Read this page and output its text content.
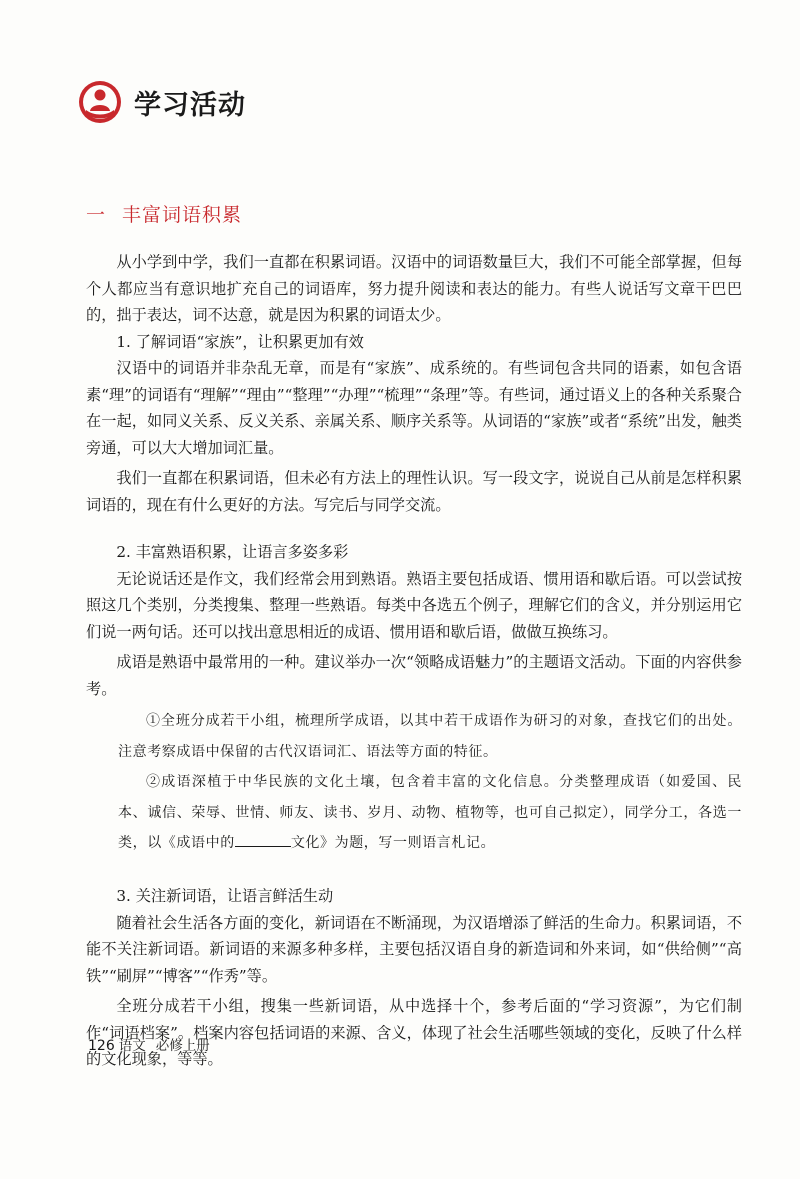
学习活动
一 丰富词语积累

从小学到中学，我们一直都在积累词语。汉语中的词语数量巨大，我们不可能全部掌握，但每个人都应当有意识地扩充自己的词语库，努力提升阅读和表达的能力。有些人说话写文章干巴巴的，拙于表达，词不达意，就是因为积累的词语太少。

1. 了解词语“家族”，让积累更加有效

汉语中的词语并非杂乱无章，而是有“家族”、成系统的。有些词包含共同的语素，如包含语素“理”的词语有“理解”“理由”“整理”“办理”“梳理”“条理”等。有些词，通过语义上的各种关系聚合在一起，如同义关系、反义关系、亲属关系、顺序关系等。从词语的“家族”或者“系统”出发，触类旁通，可以大大增加词汇量。

我们一直都在积累词语，但未必有方法上的理性认识。写一段文字，说说自己从前是怎样积累词语的，现在有什么更好的方法。写完后与同学交流。

2. 丰富熟语积累，让语言多姿多彩

无论说话还是作文，我们经常会用到熟语。熟语主要包括成语、惯用语和歇后语。可以尝试按照这几个类别，分类搜集、整理一些熟语。每类中各选五个例子，理解它们的含义，并分别运用它们说一两句话。还可以找出意思相近的成语、惯用语和歇后语，做做互换练习。

成语是熟语中最常用的一种。建议举办一次“领略成语魅力”的主题语文活动。下面的内容供参考。

①全班分成若干小组，梳理所学成语，以其中若干成语作为研习的对象，查找它们的出处。注意考察成语中保留的古代汉语词汇、语法等方面的特征。

②成语深植于中华民族的文化土壤，包含着丰富的文化信息。分类整理成语（如爱国、民本、诚信、荣辱、世情、师友、读书、岁月、动物、植物等，也可自己拟定），同学分工，各选一类，以《成语中的	文化》为题，写一则语言札记。

3. 关注新词语，让语言鲜活生动

随着社会生活各方面的变化，新词语在不断涌现，为汉语增添了鲜活的生命力。积累词语，不能不关注新词语。新词语的来源多种多样，主要包括汉语自身的新造词和外来词，如“供给侧”“高铁”“刷屏”“博客”“作秀”等。

全班分成若干小组，搜集一些新词语，从中选择十个，参考后面的“学习资源”，为它们制作“词语档案”。档案内容包括词语的来源、含义，体现了社会生活哪些领域的变化，反映了什么样的文化现象，等等。

126 语文 必修上册
